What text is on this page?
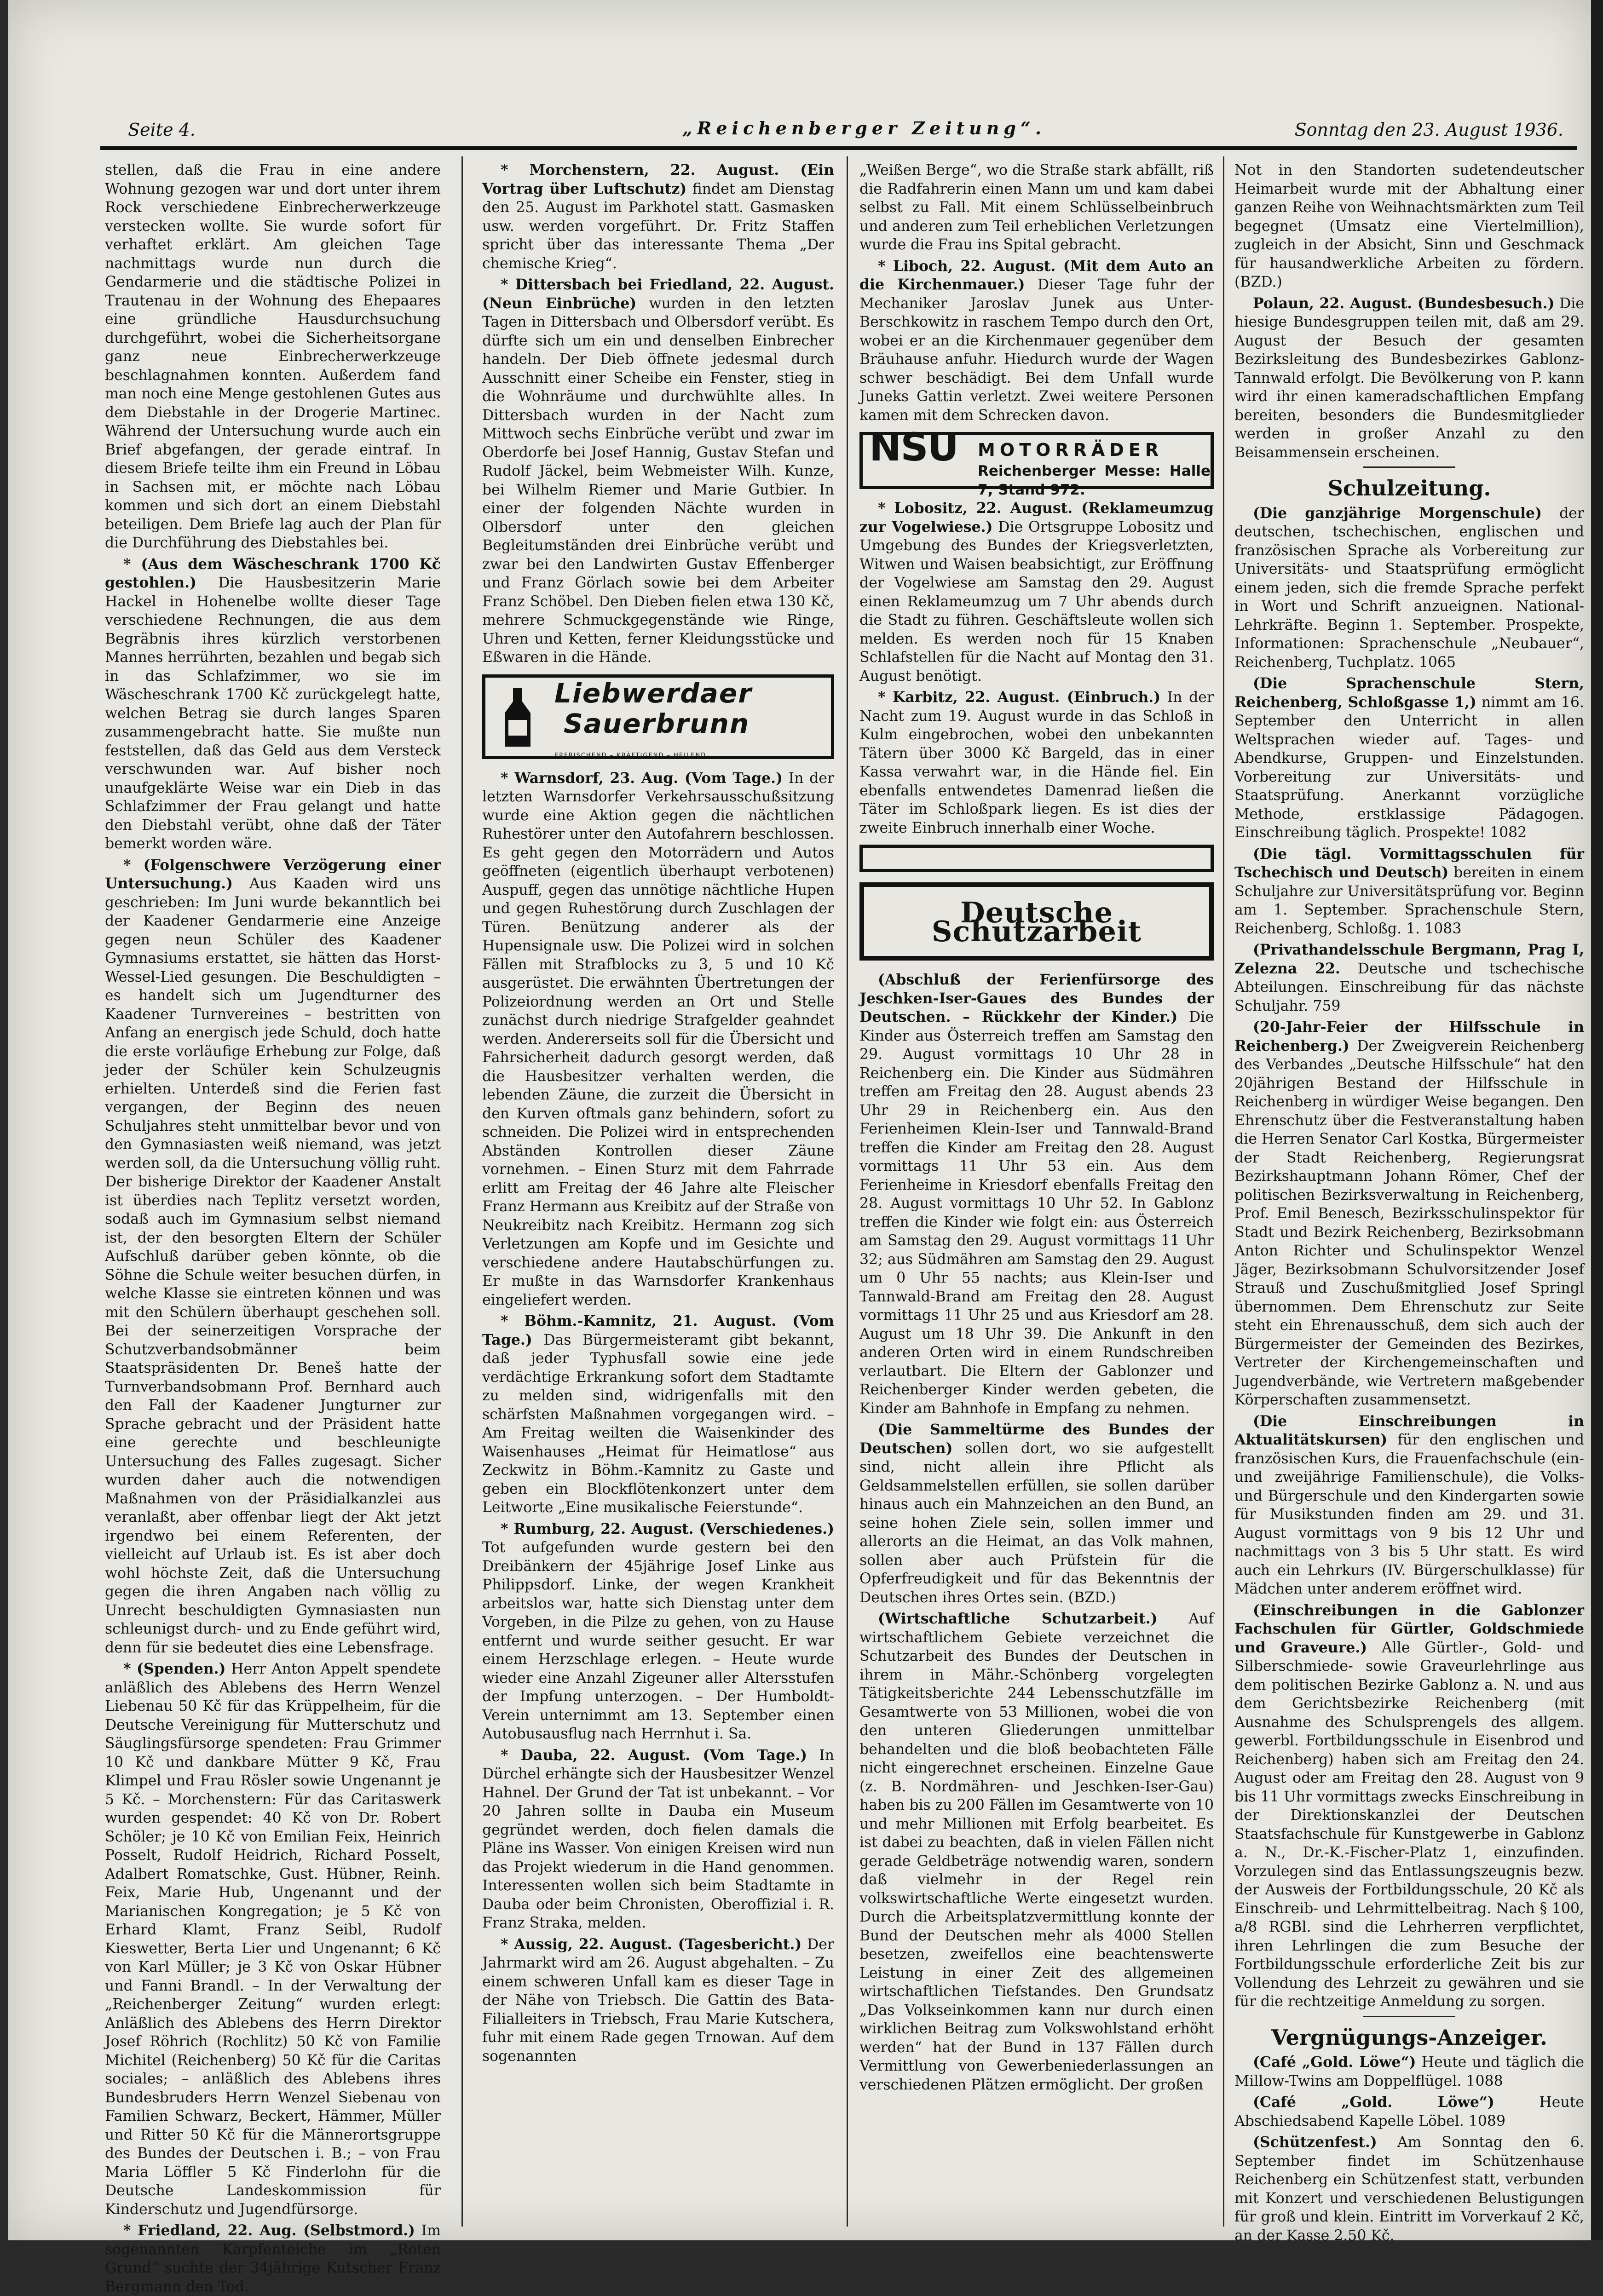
Seite 4.	„Reichenberger Zeitung“.	Sonntag den 23. August 1936.

stellen, daß die Frau in eine andere Wohnung gezogen war und dort unter ihrem Rock verschiedene Einbrecherwerkzeuge verstecken wollte. Sie wurde sofort für verhaftet erklärt. Am gleichen Tage nachmittags wurde nun durch die Gendarmerie und die städtische Polizei in Trautenau in der Wohnung des Ehepaares eine gründliche Hausdurchsuchung durchgeführt, wobei die Sicherheitsorgane ganz neue Einbrecherwerkzeuge beschlagnahmen konnten. Außerdem fand man noch eine Menge gestohlenen Gutes aus dem Diebstahle in der Drogerie Martinec. Während der Untersuchung wurde auch ein Brief abgefangen, der gerade eintraf. In diesem Briefe teilte ihm ein Freund in Löbau in Sachsen mit, er möchte nach Löbau kommen und sich dort an einem Diebstahl beteiligen. Dem Briefe lag auch der Plan für die Durchführung des Diebstahles bei.

* (Aus dem Wäscheschrank 1700 Kč gestohlen.) Die Hausbesitzerin Marie Hackel in Hohenelbe wollte dieser Tage verschiedene Rechnungen, die aus dem Begräbnis ihres kürzlich verstorbenen Mannes herrührten, bezahlen und begab sich in das Schlafzimmer, wo sie im Wäscheschrank 1700 Kč zurückgelegt hatte, welchen Betrag sie durch langes Sparen zusammengebracht hatte. Sie mußte nun feststellen, daß das Geld aus dem Versteck verschwunden war. Auf bisher noch unaufgeklärte Weise war ein Dieb in das Schlafzimmer der Frau gelangt und hatte den Diebstahl verübt, ohne daß der Täter bemerkt worden wäre.

* (Folgenschwere Verzögerung einer Untersuchung.) Aus Kaaden wird uns geschrieben: Im Juni wurde bekanntlich bei der Kaadener Gendarmerie eine Anzeige gegen neun Schüler des Kaadener Gymnasiums erstattet, sie hätten das Horst-Wessel-Lied gesungen. Die Beschuldigten – es handelt sich um Jugendturner des Kaadener Turnvereines – bestritten von Anfang an energisch jede Schuld, doch hatte die erste vorläufige Erhebung zur Folge, daß jeder der Schüler kein Schulzeugnis erhielten. Unterdeß sind die Ferien fast vergangen, der Beginn des neuen Schuljahres steht unmittelbar bevor und von den Gymnasiasten weiß niemand, was jetzt werden soll, da die Untersuchung völlig ruht. Der bisherige Direktor der Kaadener Anstalt ist überdies nach Teplitz versetzt worden, sodaß auch im Gymnasium selbst niemand ist, der den besorgten Eltern der Schüler Aufschluß darüber geben könnte, ob die Söhne die Schule weiter besuchen dürfen, in welche Klasse sie eintreten können und was mit den Schülern überhaupt geschehen soll. Bei der seinerzeitigen Vorsprache der Schutzverbandsobmänner beim Staatspräsidenten Dr. Beneš hatte der Turnverbandsobmann Prof. Bernhard auch den Fall der Kaadener Jungturner zur Sprache gebracht und der Präsident hatte eine gerechte und beschleunigte Untersuchung des Falles zugesagt. Sicher wurden daher auch die notwendigen Maßnahmen von der Präsidialkanzlei aus veranlaßt, aber offenbar liegt der Akt jetzt irgendwo bei einem Referenten, der vielleicht auf Urlaub ist. Es ist aber doch wohl höchste Zeit, daß die Untersuchung gegen die ihren Angaben nach völlig zu Unrecht beschuldigten Gymnasiasten nun schleunigst durch- und zu Ende geführt wird, denn für sie bedeutet dies eine Lebensfrage.

* (Spenden.) Herr Anton Appelt spendete anläßlich des Ablebens des Herrn Wenzel Liebenau 50 Kč für das Krüppelheim, für die Deutsche Vereinigung für Mutterschutz und Säuglingsfürsorge spendeten: Frau Grimmer 10 Kč und dankbare Mütter 9 Kč, Frau Klimpel und Frau Rösler sowie Ungenannt je 5 Kč. – Morchenstern: Für das Caritaswerk wurden gespendet: 40 Kč von Dr. Robert Schöler; je 10 Kč von Emilian Feix, Heinrich Posselt, Rudolf Heidrich, Richard Posselt, Adalbert Romatschke, Gust. Hübner, Reinh. Feix, Marie Hub, Ungenannt und der Marianischen Kongregation; je 5 Kč von Erhard Klamt, Franz Seibl, Rudolf Kieswetter, Berta Lier und Ungenannt; 6 Kč von Karl Müller; je 3 Kč von Oskar Hübner und Fanni Brandl. – In der Verwaltung der „Reichenberger Zeitung“ wurden erlegt: Anläßlich des Ablebens des Herrn Direktor Josef Röhrich (Rochlitz) 50 Kč von Familie Michitel (Reichenberg) 50 Kč für die Caritas sociales; – anläßlich des Ablebens ihres Bundesbruders Herrn Wenzel Siebenau von Familien Schwarz, Beckert, Hämmer, Müller und Ritter 50 Kč für die Männerortsgruppe des Bundes der Deutschen i. B.; – von Frau Maria Löffler 5 Kč Finderlohn für die Deutsche Landeskommission für Kinderschutz und Jugendfürsorge.

* Friedland, 22. Aug. (Selbstmord.) Im sogenannten Karpfenteiche im „Roten Grund“ suchte der 34jährige Kutscher Franz Bergmann den Tod.

* Morchenstern, 22. August. (Ein Vortrag über Luftschutz) findet am Dienstag den 25. August im Parkhotel statt. Gasmasken usw. werden vorgeführt. Dr. Fritz Staffen spricht über das interessante Thema „Der chemische Krieg“.

* Dittersbach bei Friedland, 22. August. (Neun Einbrüche) wurden in den letzten Tagen in Dittersbach und Olbersdorf verübt. Es dürfte sich um ein und denselben Einbrecher handeln. Der Dieb öffnete jedesmal durch Ausschnitt einer Scheibe ein Fenster, stieg in die Wohnräume und durchwühlte alles. In Dittersbach wurden in der Nacht zum Mittwoch sechs Einbrüche verübt und zwar im Oberdorfe bei Josef Hannig, Gustav Stefan und Rudolf Jäckel, beim Webmeister Wilh. Kunze, bei Wilhelm Riemer und Marie Gutbier. In einer der folgenden Nächte wurden in Olbersdorf unter den gleichen Begleitumständen drei Einbrüche verübt und zwar bei den Landwirten Gustav Effenberger und Franz Görlach sowie bei dem Arbeiter Franz Schöbel. Den Dieben fielen etwa 130 Kč, mehrere Schmuckgegenstände wie Ringe, Uhren und Ketten, ferner Kleidungsstücke und Eßwaren in die Hände.

Liebwerdaer
Sauerbrunn
ERFRISCHEND – KRÄFTIGEND – HEILEND

* Warnsdorf, 23. Aug. (Vom Tage.) In der letzten Warnsdorfer Verkehrsausschußsitzung wurde eine Aktion gegen die nächtlichen Ruhestörer unter den Autofahrern beschlossen. Es geht gegen den Motorrädern und Autos geöffneten (eigentlich überhaupt verbotenen) Auspuff, gegen das unnötige nächtliche Hupen und gegen Ruhestörung durch Zuschlagen der Türen. Benützung anderer als der Hupensignale usw. Die Polizei wird in solchen Fällen mit Strafblocks zu 3, 5 und 10 Kč ausgerüstet. Die erwähnten Übertretungen der Polizeiordnung werden an Ort und Stelle zunächst durch niedrige Strafgelder geahndet werden. Andererseits soll für die Übersicht und Fahrsicherheit dadurch gesorgt werden, daß die Hausbesitzer verhalten werden, die lebenden Zäune, die zurzeit die Übersicht in den Kurven oftmals ganz behindern, sofort zu schneiden. Die Polizei wird in entsprechenden Abständen Kontrollen dieser Zäune vornehmen. – Einen Sturz mit dem Fahrrade erlitt am Freitag der 46 Jahre alte Fleischer Franz Hermann aus Kreibitz auf der Straße von Neukreibitz nach Kreibitz. Hermann zog sich Verletzungen am Kopfe und im Gesichte und verschiedene andere Hautabschürfungen zu. Er mußte in das Warnsdorfer Krankenhaus eingeliefert werden.

* Böhm.-Kamnitz, 21. August. (Vom Tage.) Das Bürgermeisteramt gibt bekannt, daß jeder Typhusfall sowie eine jede verdächtige Erkrankung sofort dem Stadtamte zu melden sind, widrigenfalls mit den schärfsten Maßnahmen vorgegangen wird. – Am Freitag weilten die Waisenkinder des Waisenhauses „Heimat für Heimatlose“ aus Zeckwitz in Böhm.-Kamnitz zu Gaste und geben ein Blockflötenkonzert unter dem Leitworte „Eine musikalische Feierstunde“.

* Rumburg, 22. August. (Verschiedenes.) Tot aufgefunden wurde gestern bei den Dreibänkern der 45jährige Josef Linke aus Philippsdorf. Linke, der wegen Krankheit arbeitslos war, hatte sich Dienstag unter dem Vorgeben, in die Pilze zu gehen, von zu Hause entfernt und wurde seither gesucht. Er war einem Herzschlage erlegen. – Heute wurde wieder eine Anzahl Zigeuner aller Altersstufen der Impfung unterzogen. – Der Humboldt-Verein unternimmt am 13. September einen Autobusausflug nach Herrnhut i. Sa.

* Dauba, 22. August. (Vom Tage.) In Dürchel erhängte sich der Hausbesitzer Wenzel Hahnel. Der Grund der Tat ist unbekannt. – Vor 20 Jahren sollte in Dauba ein Museum gegründet werden, doch fielen damals die Pläne ins Wasser. Von einigen Kreisen wird nun das Projekt wiederum in die Hand genommen. Interessenten wollen sich beim Stadtamte in Dauba oder beim Chronisten, Oberoffizial i. R. Franz Straka, melden.

* Aussig, 22. August. (Tagesbericht.) Der Jahrmarkt wird am 26. August abgehalten. – Zu einem schweren Unfall kam es dieser Tage in der Nähe von Triebsch. Die Gattin des Bata-Filialleiters in Triebsch, Frau Marie Kutschera, fuhr mit einem Rade gegen Trnowan. Auf dem sogenannten

„Weißen Berge“, wo die Straße stark abfällt, riß die Radfahrerin einen Mann um und kam dabei selbst zu Fall. Mit einem Schlüsselbeinbruch und anderen zum Teil erheblichen Verletzungen wurde die Frau ins Spital gebracht.

* Liboch, 22. August. (Mit dem Auto an die Kirchenmauer.) Dieser Tage fuhr der Mechaniker Jaroslav Junek aus Unter-Berschkowitz in raschem Tempo durch den Ort, wobei er an die Kirchenmauer gegenüber dem Bräuhause anfuhr. Hiedurch wurde der Wagen schwer beschädigt. Bei dem Unfall wurde Juneks Gattin verletzt. Zwei weitere Personen kamen mit dem Schrecken davon.

NSU MOTORRÄDER
Reichenberger Messe: Halle 7, Stand 972.

* Lobositz, 22. August. (Reklameumzug zur Vogelwiese.) Die Ortsgruppe Lobositz und Umgebung des Bundes der Kriegsverletzten, Witwen und Waisen beabsichtigt, zur Eröffnung der Vogelwiese am Samstag den 29. August einen Reklameumzug um 7 Uhr abends durch die Stadt zu führen. Geschäftsleute wollen sich melden. Es werden noch für 15 Knaben Schlafstellen für die Nacht auf Montag den 31. August benötigt.

* Karbitz, 22. August. (Einbruch.) In der Nacht zum 19. August wurde in das Schloß in Kulm eingebrochen, wobei den unbekannten Tätern über 3000 Kč Bargeld, das in einer Kassa verwahrt war, in die Hände fiel. Ein ebenfalls entwendetes Damenrad ließen die Täter im Schloßpark liegen. Es ist dies der zweite Einbruch innerhalb einer Woche.

Deutsche Schutzarbeit

(Abschluß der Ferienfürsorge des Jeschken-Iser-Gaues des Bundes der Deutschen. – Rückkehr der Kinder.) Die Kinder aus Österreich treffen am Samstag den 29. August vormittags 10 Uhr 28 in Reichenberg ein. Die Kinder aus Südmähren treffen am Freitag den 28. August abends 23 Uhr 29 in Reichenberg ein. Aus den Ferienheimen Klein-Iser und Tannwald-Brand treffen die Kinder am Freitag den 28. August vormittags 11 Uhr 53 ein. Aus dem Ferienheime in Kriesdorf ebenfalls Freitag den 28. August vormittags 10 Uhr 52. In Gablonz treffen die Kinder wie folgt ein: aus Österreich am Samstag den 29. August vormittags 11 Uhr 32; aus Südmähren am Samstag den 29. August um 0 Uhr 55 nachts; aus Klein-Iser und Tannwald-Brand am Freitag den 28. August vormittags 11 Uhr 25 und aus Kriesdorf am 28. August um 18 Uhr 39. Die Ankunft in den anderen Orten wird in einem Rundschreiben verlautbart. Die Eltern der Gablonzer und Reichenberger Kinder werden gebeten, die Kinder am Bahnhofe in Empfang zu nehmen.

(Die Sammeltürme des Bundes der Deutschen) sollen dort, wo sie aufgestellt sind, nicht allein ihre Pflicht als Geldsammelstellen erfüllen, sie sollen darüber hinaus auch ein Mahnzeichen an den Bund, an seine hohen Ziele sein, sollen immer und allerorts an die Heimat, an das Volk mahnen, sollen aber auch Prüfstein für die Opferfreudigkeit und für das Bekenntnis der Deutschen ihres Ortes sein. (BZD.)

(Wirtschaftliche Schutzarbeit.) Auf wirtschaftlichem Gebiete verzeichnet die Schutzarbeit des Bundes der Deutschen in ihrem in Mähr.-Schönberg vorgelegten Tätigkeitsberichte 244 Lebensschutzfälle im Gesamtwerte von 53 Millionen, wobei die von den unteren Gliederungen unmittelbar behandelten und die bloß beobachteten Fälle nicht eingerechnet erscheinen. Einzelne Gaue (z. B. Nordmähren- und Jeschken-Iser-Gau) haben bis zu 200 Fällen im Gesamtwerte von 10 und mehr Millionen mit Erfolg bearbeitet. Es ist dabei zu beachten, daß in vielen Fällen nicht gerade Geldbeträge notwendig waren, sondern daß vielmehr in der Regel rein volkswirtschaftliche Werte eingesetzt wurden. Durch die Arbeitsplatzvermittlung konnte der Bund der Deutschen mehr als 4000 Stellen besetzen, zweifellos eine beachtenswerte Leistung in einer Zeit des allgemeinen wirtschaftlichen Tiefstandes. Den Grundsatz „Das Volkseinkommen kann nur durch einen wirklichen Beitrag zum Volkswohlstand erhöht werden“ hat der Bund in 137 Fällen durch Vermittlung von Gewerbeniederlassungen an verschiedenen Plätzen ermöglicht. Der großen

Not in den Standorten sudetendeutscher Heimarbeit wurde mit der Abhaltung einer ganzen Reihe von Weihnachtsmärkten zum Teil begegnet (Umsatz eine Viertelmillion), zugleich in der Absicht, Sinn und Geschmack für hausandwerkliche Arbeiten zu fördern. (BZD.)

Polaun, 22. August. (Bundesbesuch.) Die hiesige Bundesgruppen teilen mit, daß am 29. August der Besuch der gesamten Bezirksleitung des Bundesbezirkes Gablonz-Tannwald erfolgt. Die Bevölkerung von P. kann wird ihr einen kameradschaftlichen Empfang bereiten, besonders die Bundesmitglieder werden in großer Anzahl zu den Beisammensein erscheinen.

Schulzeitung.

(Die ganzjährige Morgenschule) der deutschen, tschechischen, englischen und französischen Sprache als Vorbereitung zur Universitäts- und Staatsprüfung ermöglicht einem jeden, sich die fremde Sprache perfekt in Wort und Schrift anzueignen. National-Lehrkräfte. Beginn 1. September. Prospekte, Informationen: Sprachenschule „Neubauer“, Reichenberg, Tuchplatz. 1065

(Die Sprachenschule Stern, Reichenberg, Schloßgasse 1,) nimmt am 16. September den Unterricht in allen Weltsprachen wieder auf. Tages- und Abendkurse, Gruppen- und Einzelstunden. Vorbereitung zur Universitäts- und Staatsprüfung. Anerkannt vorzügliche Methode, erstklassige Pädagogen. Einschreibung täglich. Prospekte! 1082

(Die tägl. Vormittagsschulen für Tschechisch und Deutsch) bereiten in einem Schuljahre zur Universitätsprüfung vor. Beginn am 1. September. Sprachenschule Stern, Reichenberg, Schloßg. 1. 1083

(Privathandelsschule Bergmann, Prag I, Zelezna 22. Deutsche und tschechische Abteilungen. Einschreibung für das nächste Schuljahr. 759

(20-Jahr-Feier der Hilfsschule in Reichenberg.) Der Zweigverein Reichenberg des Verbandes „Deutsche Hilfsschule“ hat den 20jährigen Bestand der Hilfsschule in Reichenberg in würdiger Weise begangen. Den Ehrenschutz über die Festveranstaltung haben die Herren Senator Carl Kostka, Bürgermeister der Stadt Reichenberg, Regierungsrat Bezirkshauptmann Johann Römer, Chef der politischen Bezirksverwaltung in Reichenberg, Prof. Emil Benesch, Bezirksschulinspektor für Stadt und Bezirk Reichenberg, Bezirksobmann Anton Richter und Schulinspektor Wenzel Jäger, Bezirksobmann Schulvorsitzender Josef Strauß und Zuschußmitglied Josef Springl übernommen. Dem Ehrenschutz zur Seite steht ein Ehrenausschuß, dem sich auch der Bürgermeister der Gemeinden des Bezirkes, Vertreter der Kirchengemeinschaften und Jugendverbände, wie Vertretern maßgebender Körperschaften zusammensetzt.

(Die Einschreibungen in Aktualitätskursen) für den englischen und französischen Kurs, die Frauenfachschule (ein- und zweijährige Familienschule), die Volks- und Bürgerschule und den Kindergarten sowie für Musikstunden finden am 29. und 31. August vormittags von 9 bis 12 Uhr und nachmittags von 3 bis 5 Uhr statt. Es wird auch ein Lehrkurs (IV. Bürgerschulklasse) für Mädchen unter anderem eröffnet wird.

(Einschreibungen in die Gablonzer Fachschulen für Gürtler, Goldschmiede und Graveure.) Alle Gürtler-, Gold- und Silberschmiede- sowie Graveurlehrlinge aus dem politischen Bezirke Gablonz a. N. und aus dem Gerichtsbezirke Reichenberg (mit Ausnahme des Schulsprengels des allgem. gewerbl. Fortbildungsschule in Eisenbrod und Reichenberg) haben sich am Freitag den 24. August oder am Freitag den 28. August von 9 bis 11 Uhr vormittags zwecks Einschreibung in der Direktionskanzlei der Deutschen Staatsfachschule für Kunstgewerbe in Gablonz a. N., Dr.-K.-Fischer-Platz 1, einzufinden. Vorzulegen sind das Entlassungszeugnis bezw. der Ausweis der Fortbildungsschule, 20 Kč als Einschreib- und Lehrmittelbeitrag. Nach § 100, a/8 RGBl. sind die Lehrherren verpflichtet, ihren Lehrlingen die zum Besuche der Fortbildungsschule erforderliche Zeit bis zur Vollendung des Lehrzeit zu gewähren und sie für die rechtzeitige Anmeldung zu sorgen.

Vergnügungs-Anzeiger.

(Café „Gold. Löwe“) Heute und täglich die Millow-Twins am Doppelflügel. 1088

(Café „Gold. Löwe“)	Heute Abschiedsabend Kapelle Löbel. 1089

(Schützenfest.) Am Sonntag den 6. September findet im Schützenhause Reichenberg ein Schützenfest statt, verbunden mit Konzert und verschiedenen Belustigungen für groß und klein. Eintritt im Vorverkauf 2 Kč, an der Kasse 2.50 Kč.
